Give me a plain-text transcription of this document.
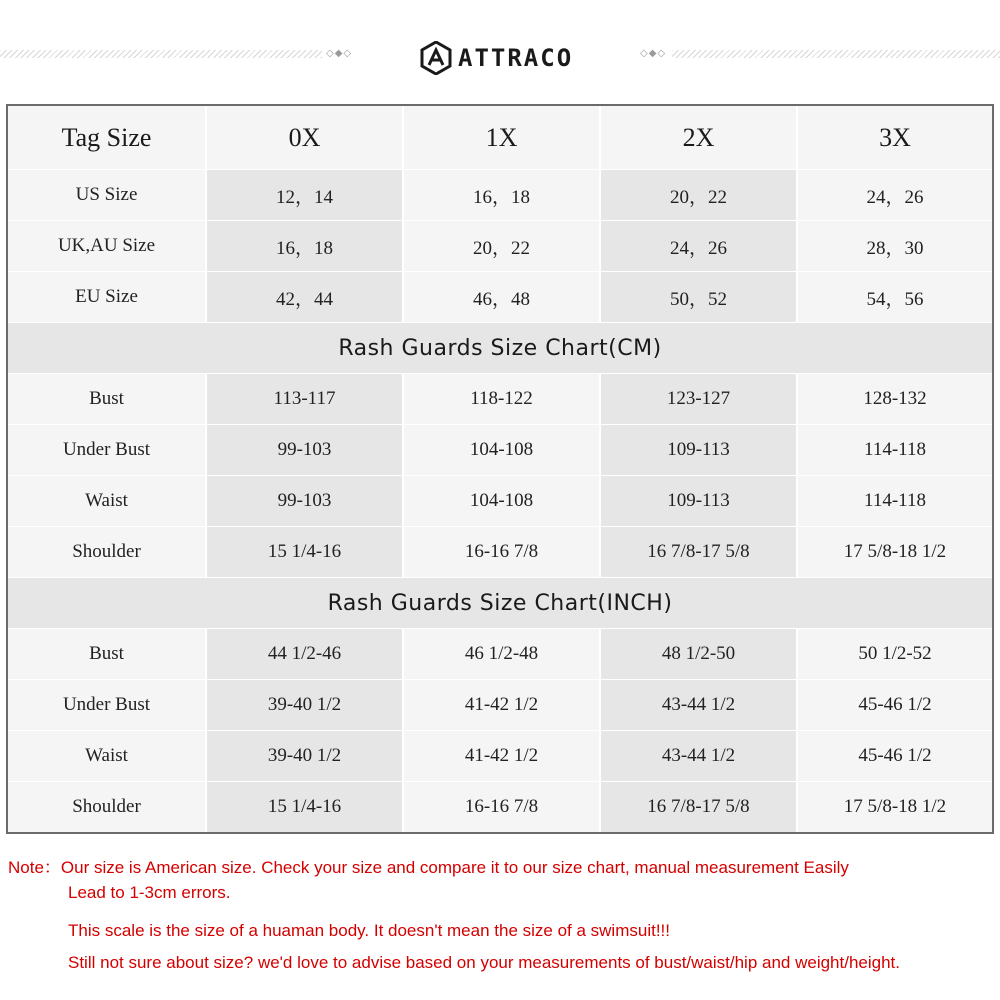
◇◆◇	ATTRACO	◇◆◇
Tag Size	0X	1X	2X	3X
US Size	12，14	16，18	20，22	24，26
UK,AU Size	16，18	20，22	24，26	28，30
EU Size	42，44	46，48	50，52	54，56
Rash Guards Size Chart(CM)
Bust	113-117	118-122	123-127	128-132
Under Bust	99-103	104-108	109-113	114-118
Waist	99-103	104-108	109-113	114-118
Shoulder	15 1/4-16	16-16 7/8	16 7/8-17 5/8	17 5/8-18 1/2
Rash Guards Size Chart(INCH)
Bust	44 1/2-46	46 1/2-48	48 1/2-50	50 1/2-52
Under Bust	39-40 1/2	41-42 1/2	43-44 1/2	45-46 1/2
Waist	39-40 1/2	41-42 1/2	43-44 1/2	45-46 1/2
Shoulder	15 1/4-16	16-16 7/8	16 7/8-17 5/8	17 5/8-18 1/2
Note：Our size is American size. Check your size and compare it to our size chart, manual measurement Easily
Lead to 1-3cm errors.
This scale is the size of a huaman body. It doesn't mean the size of a swimsuit!!!
Still not sure about size? we'd love to advise based on your measurements of bust/waist/hip and weight/height.
